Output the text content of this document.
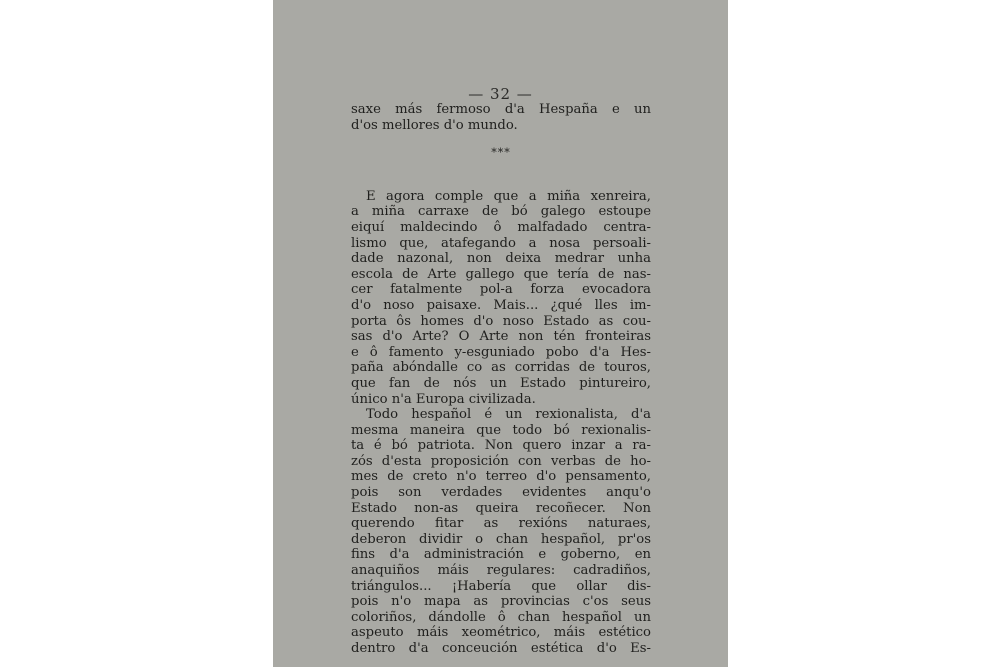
— 32 —
saxe más fermoso d'a Hespaña e un
d'os mellores d'o mundo.
***
E agora comple que a miña xenreira,
a miña carraxe de bó galego estoupe
eiquí maldecindo ô malfadado centra-
lismo que, atafegando a nosa persoali-
dade nazonal, non deixa medrar unha
escola de Arte gallego que tería de nas-
cer fatalmente pol-a forza evocadora
d'o noso paisaxe. Mais... ¿qué lles im-
porta ôs homes d'o noso Estado as cou-
sas d'o Arte? O Arte non tén fronteiras
e ô famento y-esguniado pobo d'a Hes-
paña abóndalle co as corridas de touros,
que fan de nós un Estado pintureiro,
único n'a Europa civilizada.
Todo hespañol é un rexionalista, d'a
mesma maneira que todo bó rexionalis-
ta é bó patriota. Non quero inzar a ra-
zós d'esta proposición con verbas de ho-
mes de creto n'o terreo d'o pensamento,
pois son verdades evidentes anqu'o
Estado non-as queira recoñecer. Non
querendo fitar as rexións naturaes,
deberon dividir o chan hespañol, pr'os
fins d'a administración e goberno, en
anaquiños máis regulares: cadradiños,
triángulos... ¡Habería que ollar dis-
pois n'o mapa as provincias c'os seus
coloriños, dándolle ô chan hespañol un
aspeuto máis xeométrico, máis estético
dentro d'a conceución estética d'o Es-
